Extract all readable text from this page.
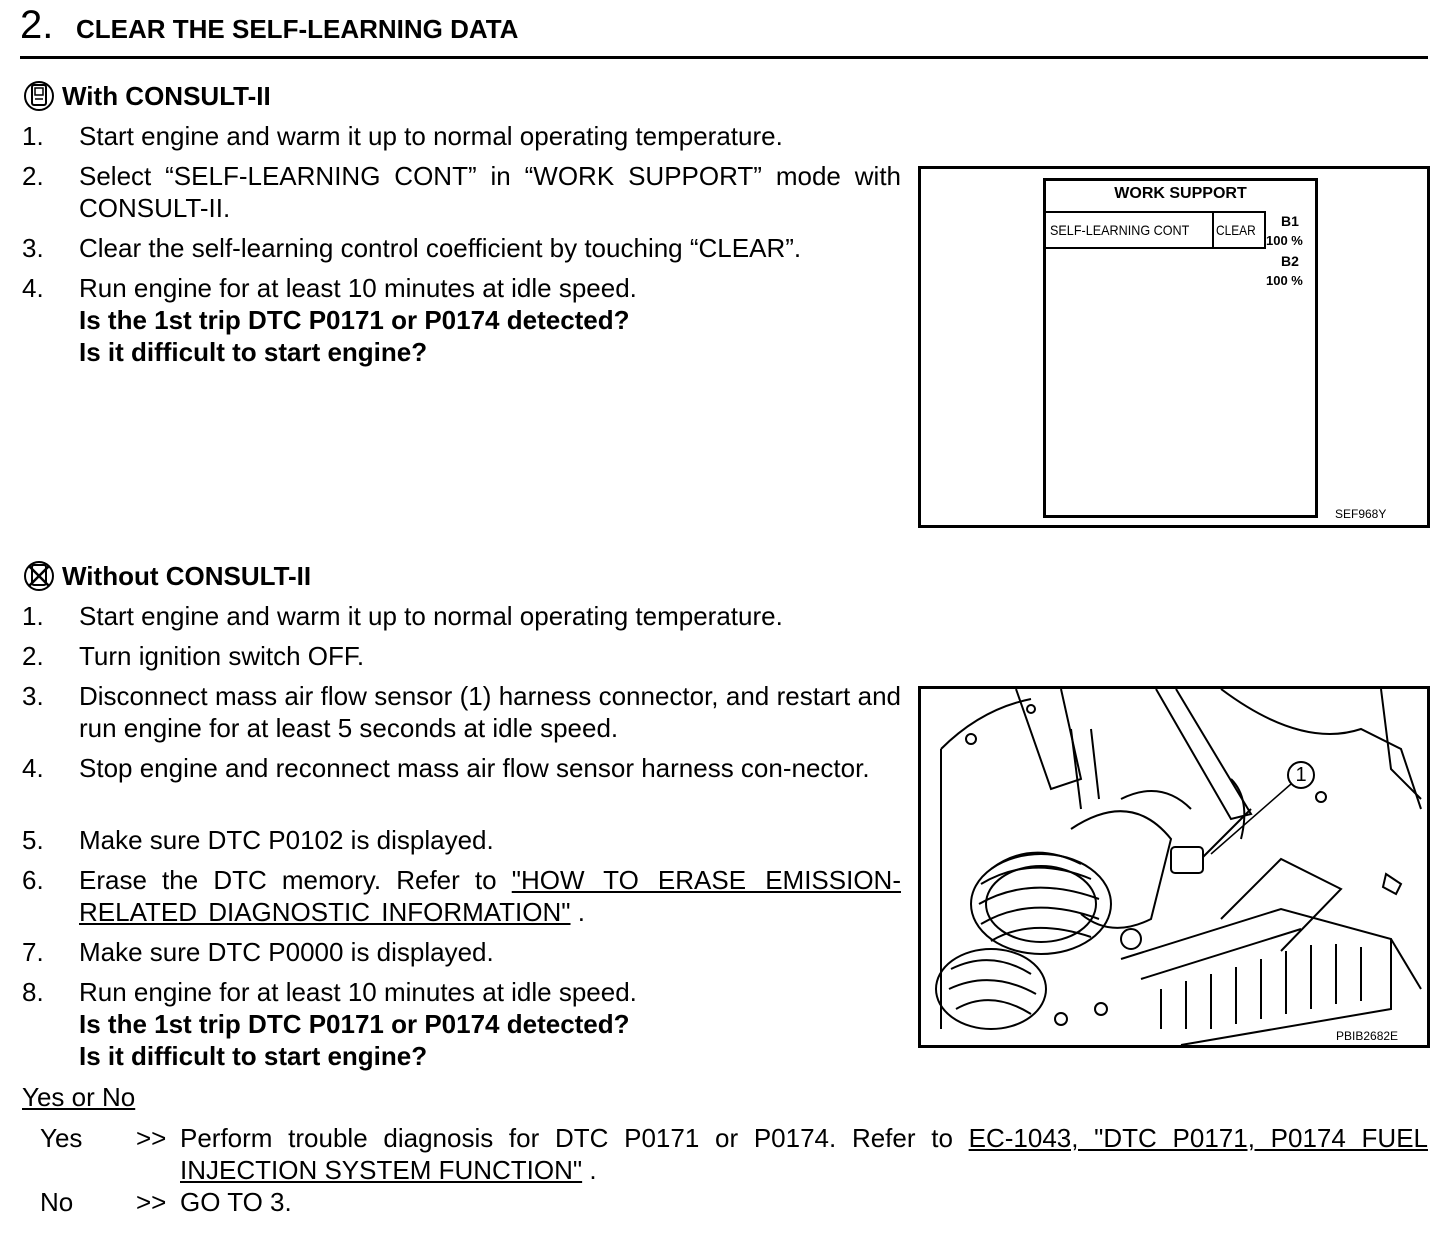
2. CLEAR THE SELF-LEARNING DATA
With CONSULT-II
1. Start engine and warm it up to normal operating temperature.
2. Select “SELF-LEARNING CONT” in “WORK SUPPORT” mode with CONSULT-II.
3. Clear the self-learning control coefficient by touching “CLEAR”.
4. Run engine for at least 10 minutes at idle speed.
Is the 1st trip DTC P0171 or P0174 detected?
Is it difficult to start engine?
WORK SUPPORT
SELF-LEARNING CONT CLEAR
B1
100 %
B2
100 %
SEF968Y
Without CONSULT-II
1. Start engine and warm it up to normal operating temperature.
2. Turn ignition switch OFF.
3. Disconnect mass air flow sensor (1) harness connector, and restart and run engine for at least 5 seconds at idle speed.
4. Stop engine and reconnect mass air flow sensor harness con-nector.
5. Make sure DTC P0102 is displayed.
6. Erase the DTC memory. Refer to "HOW TO ERASE EMISSION-RELATED DIAGNOSTIC INFORMATION" .
7. Make sure DTC P0000 is displayed.
8. Run engine for at least 10 minutes at idle speed.
Is the 1st trip DTC P0171 or P0174 detected?
Is it difficult to start engine?
1
PBIB2682E
Yes or No
Yes >> Perform trouble diagnosis for DTC P0171 or P0174. Refer to EC-1043, "DTC P0171, P0174 FUEL INJECTION SYSTEM FUNCTION" .
No >> GO TO 3.
